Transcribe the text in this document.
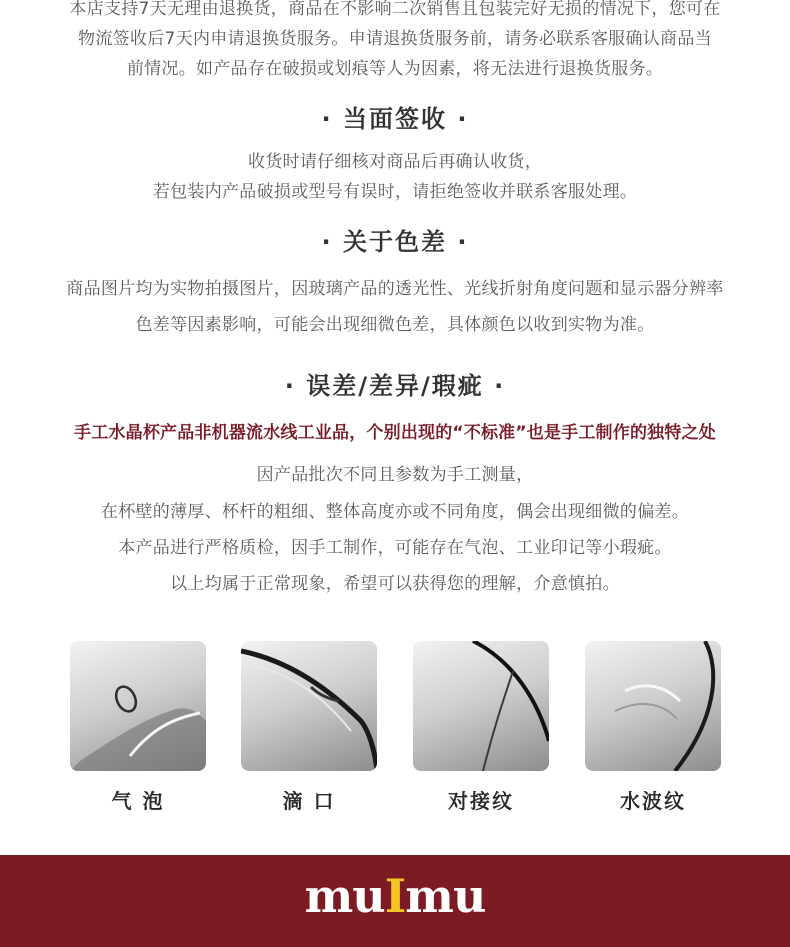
本店支持7天无理由退换货，商品在不影响二次销售且包装完好无损的情况下，您可在
物流签收后7天内申请退换货服务。申请退换货服务前，请务必联系客服确认商品当
前情况。如产品存在破损或划痕等人为因素，将无法进行退换货服务。
· 当面签收 ·
收货时请仔细核对商品后再确认收货，
若包装内产品破损或型号有误时，请拒绝签收并联系客服处理。
· 关于色差 ·
商品图片均为实物拍摄图片，因玻璃产品的透光性、光线折射角度问题和显示器分辨率
色差等因素影响，可能会出现细微色差，具体颜色以收到实物为准。
· 误差/差异/瑕疵 ·
手工水晶杯产品非机器流水线工业品，个别出现的“不标准”也是手工制作的独特之处
因产品批次不同且参数为手工测量，
在杯壁的薄厚、杯杆的粗细、整体高度亦或不同角度，偶会出现细微的偏差。
本产品进行严格质检，因手工制作，可能存在气泡、工业印记等小瑕疵。
以上均属于正常现象，希望可以获得您的理解，介意慎拍。
气 泡	滴 口	对接纹	水波纹
muImu
